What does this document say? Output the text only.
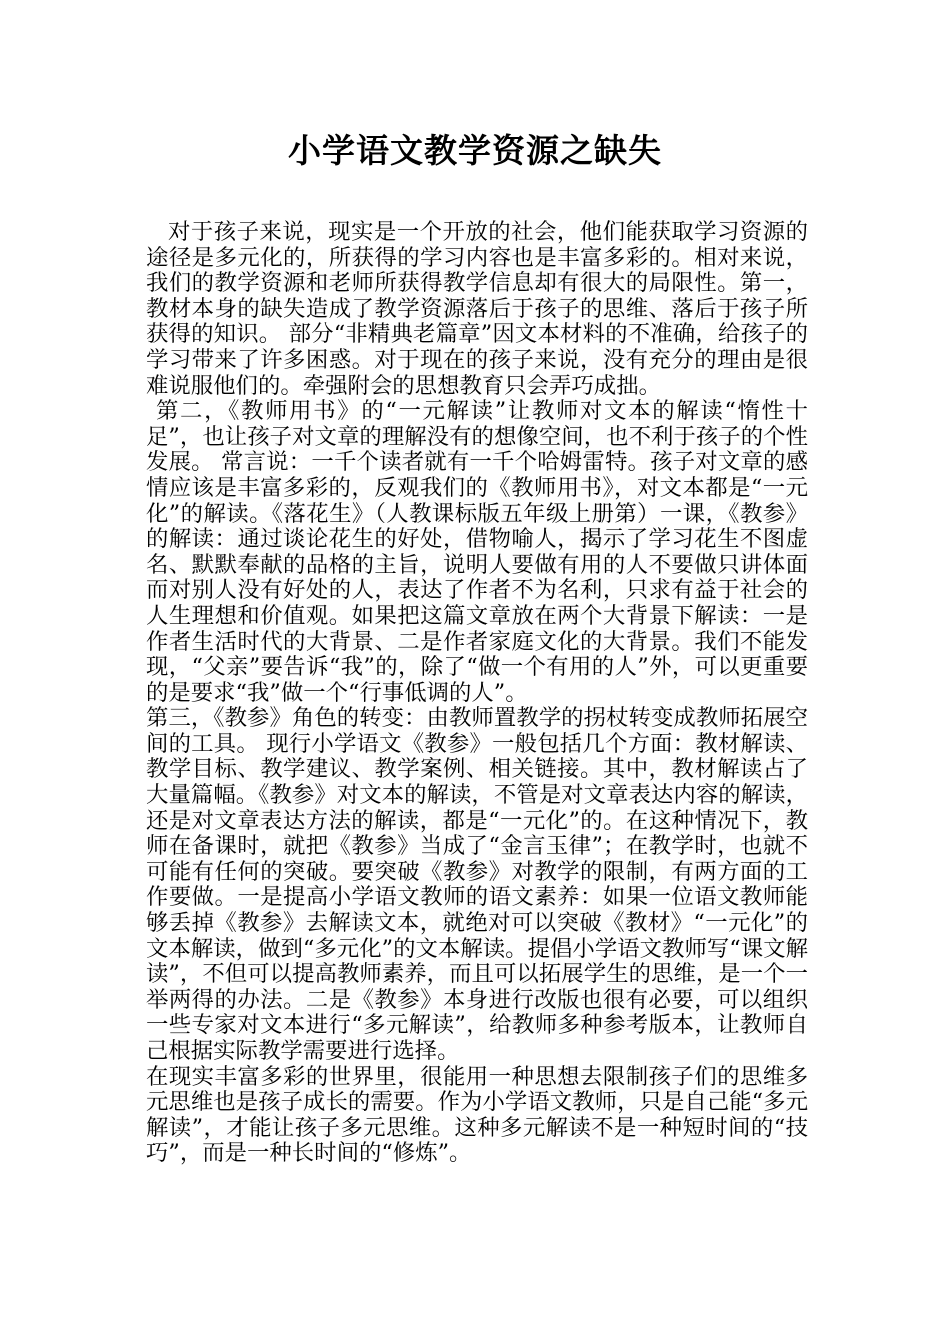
小学语文教学资源之缺失

对于孩子来说，现实是一个开放的社会，他们能获取学习资源的途径是多元化的，所获得的学习内容也是丰富多彩的。相对来说，我们的教学资源和老师所获得教学信息却有很大的局限性。第一，教材本身的缺失造成了教学资源落后于孩子的思维、落后于孩子所获得的知识。 部分“非精典老篇章”因文本材料的不准确，给孩子的学习带来了许多困惑。对于现在的孩子来说，没有充分的理由是很难说服他们的。牵强附会的思想教育只会弄巧成拙。

第二，《教师用书》的“一元解读”让教师对文本的解读“惰性十足”，也让孩子对文章的理解没有的想像空间，也不利于孩子的个性发展。 常言说：一千个读者就有一千个哈姆雷特。孩子对文章的感情应该是丰富多彩的，反观我们的《教师用书》，对文本都是“一元化”的解读。《落花生》（人教课标版五年级上册第）一课，《教参》的解读：通过谈论花生的好处，借物喻人，揭示了学习花生不图虚名、默默奉献的品格的主旨，说明人要做有用的人不要做只讲体面而对别人没有好处的人，表达了作者不为名利，只求有益于社会的人生理想和价值观。如果把这篇文章放在两个大背景下解读：一是作者生活时代的大背景、二是作者家庭文化的大背景。我们不能发现，“父亲”要告诉“我”的，除了“做一个有用的人”外，可以更重要的是要求“我”做一个“行事低调的人”。

第三，《教参》角色的转变：由教师置教学的拐杖转变成教师拓展空间的工具。 现行小学语文《教参》一般包括几个方面：教材解读、教学目标、教学建议、教学案例、相关链接。其中，教材解读占了大量篇幅。《教参》对文本的解读，不管是对文章表达内容的解读，还是对文章表达方法的解读，都是“一元化”的。在这种情况下，教师在备课时，就把《教参》当成了“金言玉律”；在教学时，也就不可能有任何的突破。要突破《教参》对教学的限制，有两方面的工作要做。一是提高小学语文教师的语文素养：如果一位语文教师能够丢掉《教参》去解读文本，就绝对可以突破《教材》“一元化”的文本解读，做到“多元化”的文本解读。提倡小学语文教师写“课文解读”，不但可以提高教师素养，而且可以拓展学生的思维，是一个一举两得的办法。二是《教参》本身进行改版也很有必要，可以组织一些专家对文本进行“多元解读”，给教师多种参考版本，让教师自己根据实际教学需要进行选择。

在现实丰富多彩的世界里，很能用一种思想去限制孩子们的思维多元思维也是孩子成长的需要。作为小学语文教师，只是自己能“多元解读”，才能让孩子多元思维。这种多元解读不是一种短时间的“技巧”，而是一种长时间的“修炼”。
